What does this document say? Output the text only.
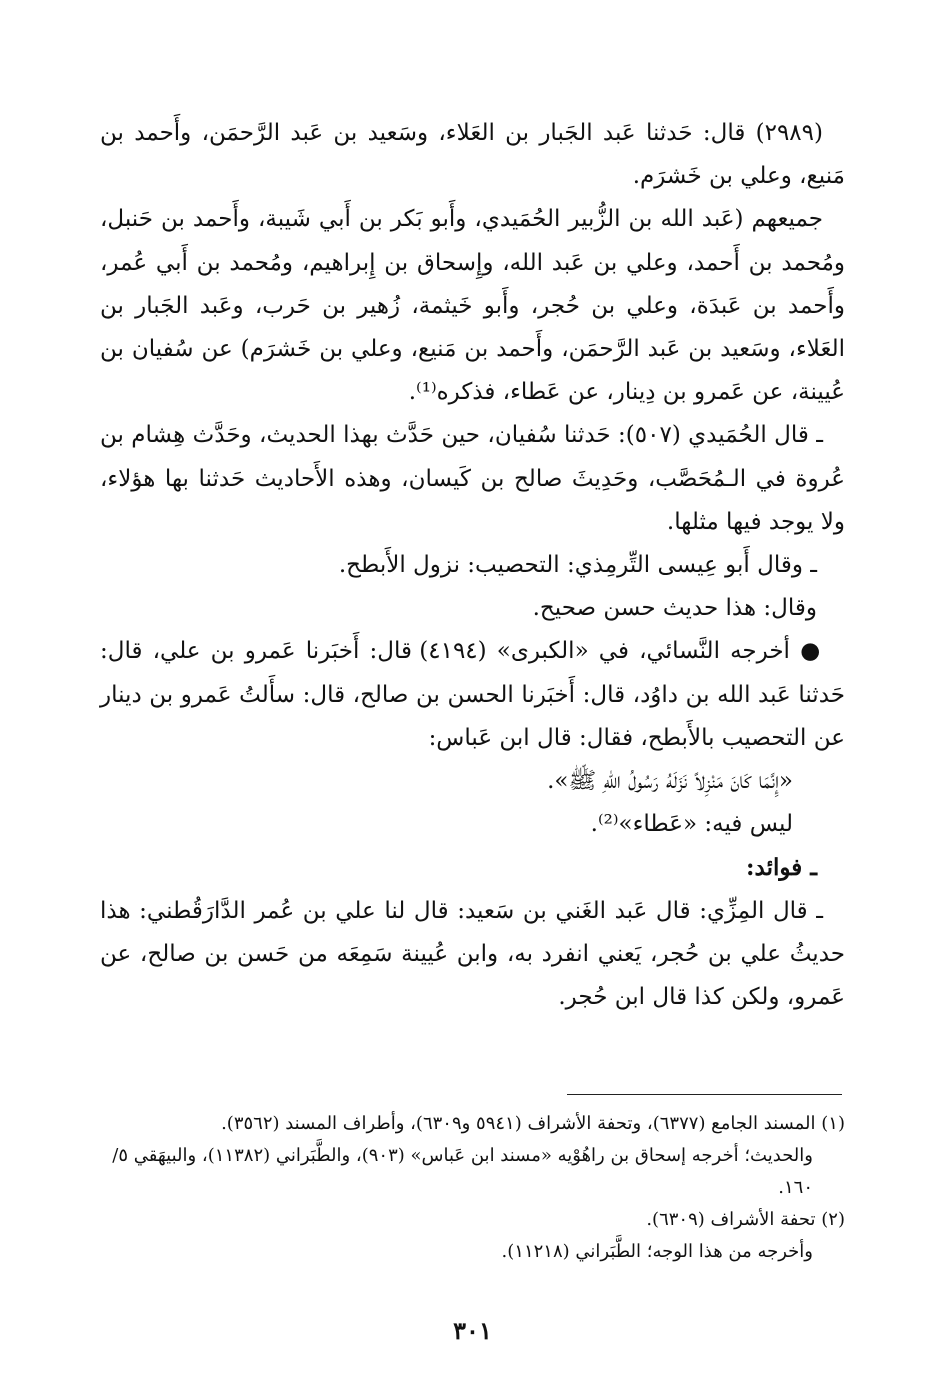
(٢٩٨٩) قال: حَدثنا عَبد الجَبار بن العَلاء، وسَعيد بن عَبد الرَّحمَن، وأَحمد بن مَنيع، وعلي بن خَشرَم.

جميعهم (عَبد الله بن الزُّبير الحُمَيدي، وأَبو بَكر بن أَبي شَيبة، وأَحمد بن حَنبل، ومُحمد بن أَحمد، وعلي بن عَبد الله، وإِسحاق بن إِبراهيم، ومُحمد بن أَبي عُمر، وأَحمد بن عَبدَة، وعلي بن حُجر، وأَبو خَيثمة، زُهير بن حَرب، وعَبد الجَبار بن العَلاء، وسَعيد بن عَبد الرَّحمَن، وأَحمد بن مَنيع، وعلي بن خَشرَم) عن سُفيان بن عُيينة، عن عَمرو بن دِينار، عن عَطاء، فذكره⁽¹⁾.

ـ قال الحُمَيدي (٥٠٧): حَدثنا سُفيان، حين حَدَّث بهذا الحديث، وحَدَّث هِشام بن عُروة في الـمُحَصَّب، وحَدِيثَ صالح بن كَيسان، وهذه الأَحاديث حَدثنا بها هؤلاء، ولا يوجد فيها مثلها.

ـ وقال أَبو عِيسى التِّرمِذي: التحصيب: نزول الأَبطح.

وقال: هذا حديث حسن صحيح.

● أخرجه النَّسائي، في «الكبرى» (٤١٩٤) قال: أَخبَرنا عَمرو بن علي، قال: حَدثنا عَبد الله بن داوُد، قال: أَخبَرنا الحسن بن صالح، قال: سأَلتُ عَمرو بن دينار عن التحصيب بالأَبطح، فقال: قال ابن عَباس:

«إِنَّمَا كَانَ مَنْزِلاً نَزَلَهُ رَسُولُ اللهِ ﷺ».

ليس فيه: «عَطاء»⁽²⁾.

ـ فوائد:

ـ قال المِزِّي: قال عَبد الغَني بن سَعيد: قال لنا علي بن عُمر الدَّارَقُطني: هذا حديثُ علي بن حُجر، يَعني انفرد به، وابن عُيينة سَمِعَه من حَسن بن صالح، عن عَمرو، ولكن كذا قال ابن حُجر.

(١) المسند الجامع (٦٣٧٧)، وتحفة الأشراف (٥٩٤١ و٦٣٠٩)، وأطراف المسند (٣٥٦٢).

والحديث؛ أخرجه إسحاق بن راهُوْيه «مسند ابن عَباس» (٩٠٣)، والطَّبَراني (١١٣٨٢)، والبيهَقي ٥/ ١٦٠.

(٢) تحفة الأشراف (٦٣٠٩).

وأخرجه من هذا الوجه؛ الطَّبَراني (١١٢١٨).

٣٠١
